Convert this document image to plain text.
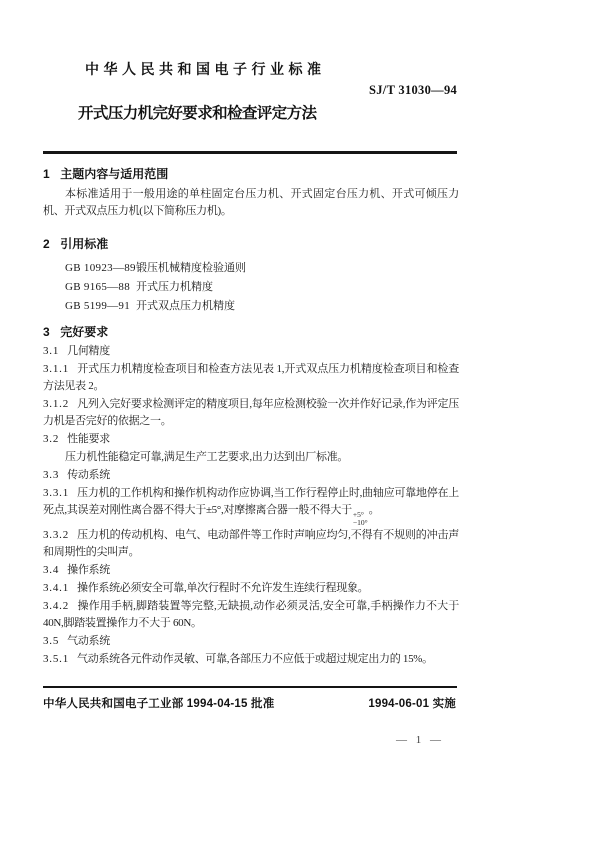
中华人民共和国电子行业标准
SJ/T 31030—94
开式压力机完好要求和检查评定方法
1 主题内容与适用范围

本标准适用于一般用途的单柱固定台压力机、开式固定台压力机、开式可倾压力机、开式双点压力机(以下简称压力机)。

2 引用标准
GB 10923—89锻压机械精度检验通则
GB 9165—88 开式压力机精度
GB 5199—91 开式双点压力机精度
3 完好要求

3.1 几何精度

3.1.1 开式压力机精度检查项目和检查方法见表 1,开式双点压力机精度检查项目和检查方法见表 2。

3.1.2 凡列入完好要求检测评定的精度项目,每年应检测校验一次并作好记录,作为评定压力机是否完好的依据之一。

3.2 性能要求

压力机性能稳定可靠,满足生产工艺要求,出力达到出厂标准。

3.3 传动系统

3.3.1 压力机的工作机构和操作机构动作应协调,当工作行程停止时,曲轴应可靠地停在上死点,其误差对刚性离合器不得大于±5°,对摩擦离合器一般不得大于 +5°
−10°
。

3.3.2 压力机的传动机构、电气、电动部件等工作时声响应均匀,不得有不规则的冲击声和周期性的尖叫声。

3.4 操作系统

3.4.1 操作系统必须安全可靠,单次行程时不允许发生连续行程现象。

3.4.2 操作用手柄,脚踏装置等完整,无缺损,动作必须灵活,安全可靠,手柄操作力不大于 40N,脚踏装置操作力不大于 60N。

3.5 气动系统

3.5.1 气动系统各元件动作灵敏、可靠,各部压力不应低于或超过规定出力的 15%。

中华人民共和国电子工业部 1994-04-15 批准	1994-06-01 实施
— 1 —
